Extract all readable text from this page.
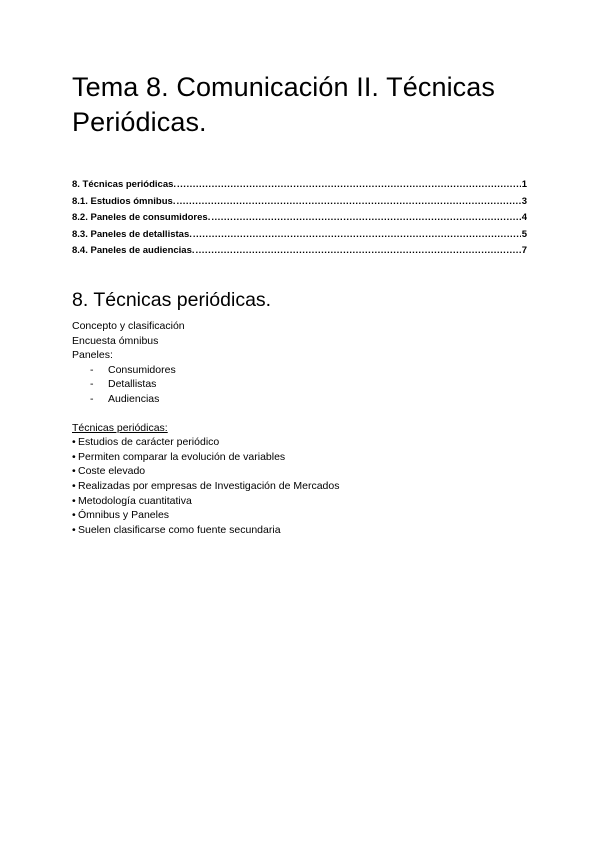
Tema 8. Comunicación II. Técnicas Periódicas.
8. Técnicas periódicas. .....	1
8.1. Estudios ómnibus. .....	3
8.2. Paneles de consumidores. .....	4
8.3. Paneles de detallistas. .....	5
8.4. Paneles de audiencias. .....	7
8. Técnicas periódicas.
Concepto y clasificación
Encuesta ómnibus
Paneles:
- Consumidores
- Detallistas
- Audiencias
Técnicas periódicas:
• Estudios de carácter periódico
• Permiten comparar la evolución de variables
• Coste elevado
• Realizadas por empresas de Investigación de Mercados
• Metodología cuantitativa
• Ómnibus y Paneles
• Suelen clasificarse como fuente secundaria
